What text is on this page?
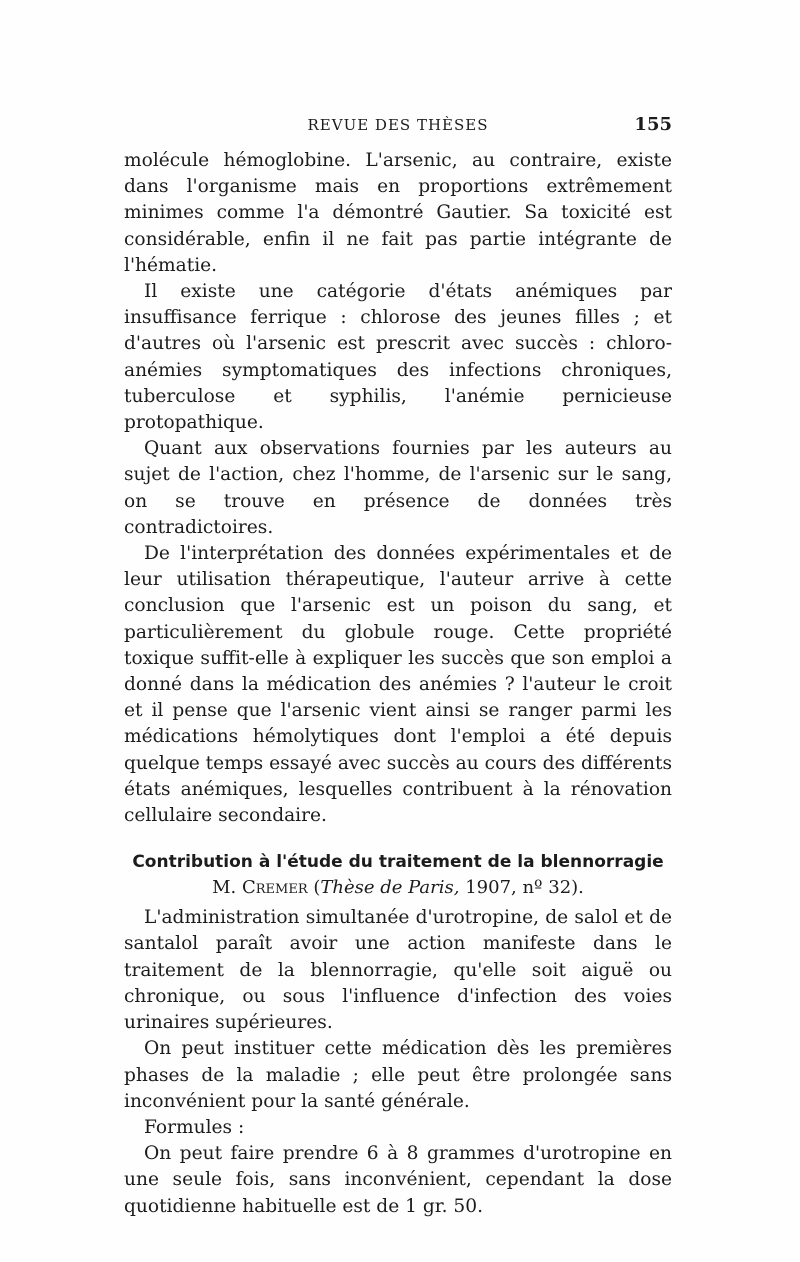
REVUE DES THÈSES	155

molécule hémoglobine. L'arsenic, au contraire, existe dans l'organisme mais en proportions extrêmement minimes comme l'a démontré Gautier. Sa toxicité est considérable, enfin il ne fait pas partie intégrante de l'hématie.

Il existe une catégorie d'états anémiques par insuffisance ferrique : chlorose des jeunes filles ; et d'autres où l'arsenic est prescrit avec succès : chloro-anémies symptomatiques des infections chroniques, tuberculose et syphilis, l'anémie pernicieuse protopathique.

Quant aux observations fournies par les auteurs au sujet de l'action, chez l'homme, de l'arsenic sur le sang, on se trouve en présence de données très contradictoires.

De l'interprétation des données expérimentales et de leur utilisation thérapeutique, l'auteur arrive à cette conclusion que l'arsenic est un poison du sang, et particulièrement du globule rouge. Cette propriété toxique suffit-elle à expliquer les succès que son emploi a donné dans la médication des anémies ? l'auteur le croit et il pense que l'arsenic vient ainsi se ranger parmi les médications hémolytiques dont l'emploi a été depuis quelque temps essayé avec succès au cours des différents états anémiques, lesquelles contribuent à la rénovation cellulaire secondaire.

Contribution à l'étude du traitement de la blennorragie
M. Cremer (Thèse de Paris, 1907, nº 32).

L'administration simultanée d'urotropine, de salol et de santalol paraît avoir une action manifeste dans le traitement de la blennorragie, qu'elle soit aiguë ou chronique, ou sous l'influence d'infection des voies urinaires supérieures.

On peut instituer cette médication dès les premières phases de la maladie ; elle peut être prolongée sans inconvénient pour la santé générale.

Formules :

On peut faire prendre 6 à 8 grammes d'urotropine en une seule fois, sans inconvénient, cependant la dose quotidienne habituelle est de 1 gr. 50.
